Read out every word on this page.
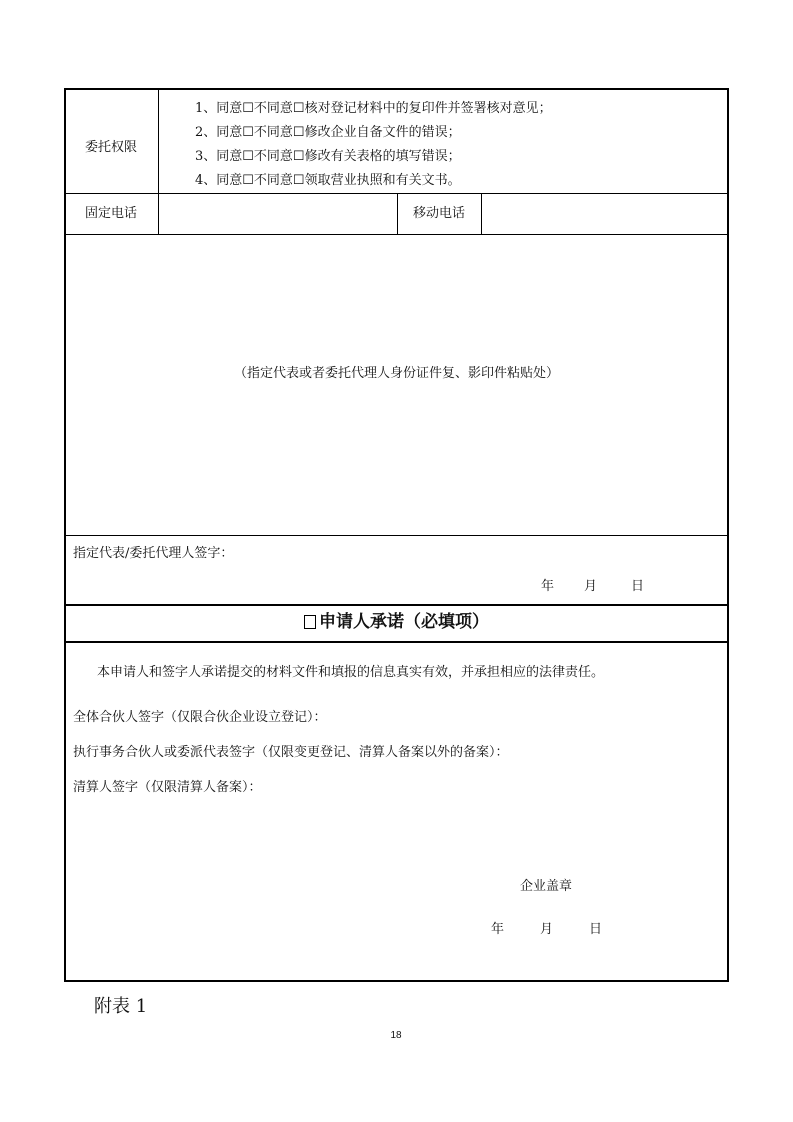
委托权限
1、同意☐不同意☐核对登记材料中的复印件并签署核对意见；
2、同意☐不同意☐修改企业自备文件的错误；
3、同意☐不同意☐修改有关表格的填写错误；
4、同意☐不同意☐领取营业执照和有关文书。
固定电话	移动电话
（指定代表或者委托代理人身份证件复、影印件粘贴处）
指定代表/委托代理人签字：
年 月	日
申请人承诺（必填项）
本申请人和签字人承诺提交的材料文件和填报的信息真实有效，并承担相应的法律责任。
全体合伙人签字（仅限合伙企业设立登记）：
执行事务合伙人或委派代表签字（仅限变更登记、清算人备案以外的备案）：
清算人签字（仅限清算人备案）：
企业盖章
年	月	日
附表 1
18
